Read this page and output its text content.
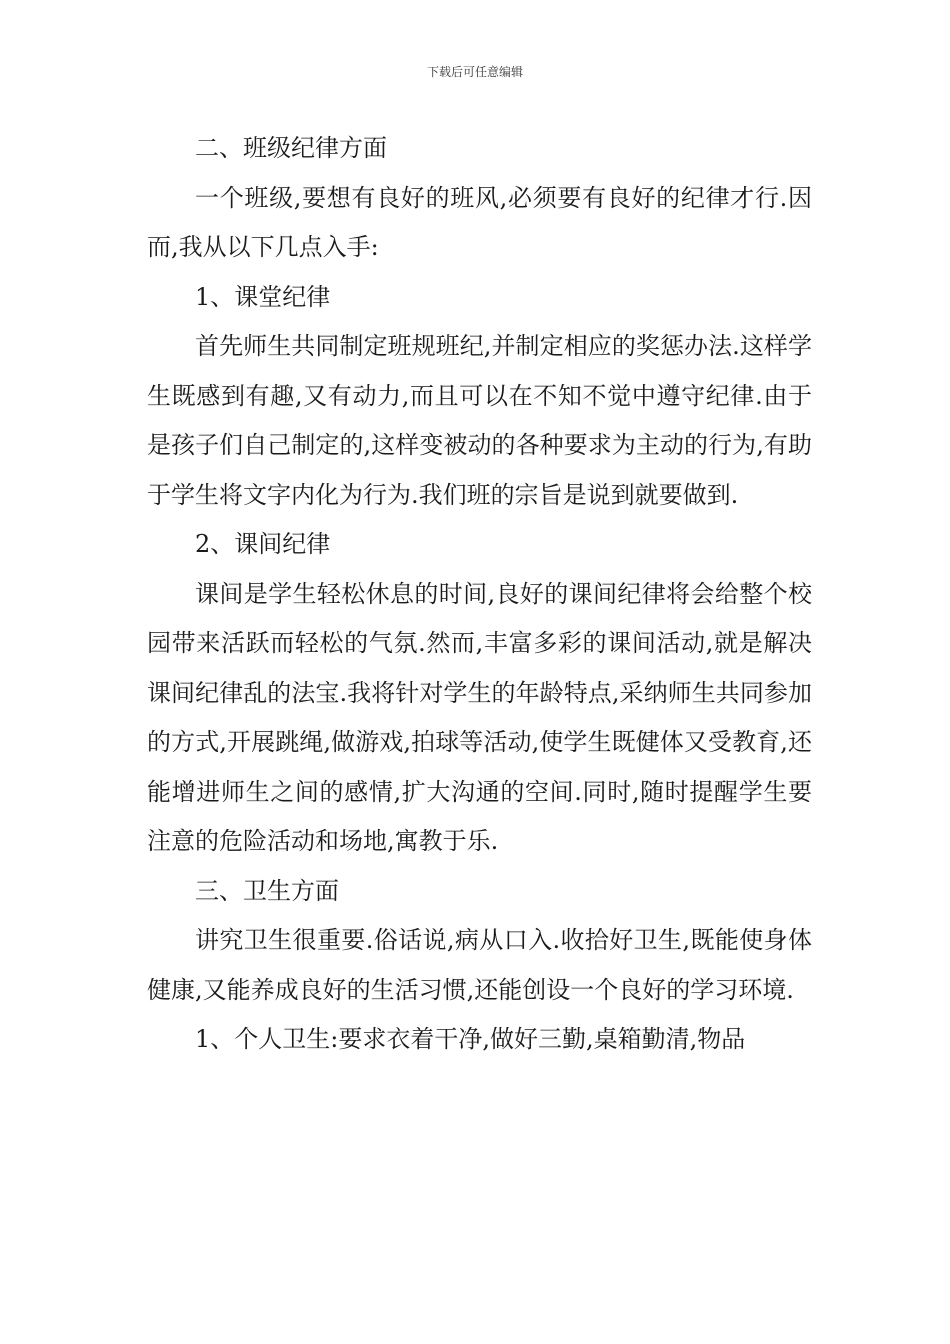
下载后可任意编辑

二、班级纪律方面

一个班级,要想有良好的班风,必须要有良好的纪律才行.因而,我从以下几点入手:

1、课堂纪律

首先师生共同制定班规班纪,并制定相应的奖惩办法.这样学生既感到有趣,又有动力,而且可以在不知不觉中遵守纪律.由于是孩子们自己制定的,这样变被动的各种要求为主动的行为,有助于学生将文字内化为行为.我们班的宗旨是说到就要做到.

2、课间纪律

课间是学生轻松休息的时间,良好的课间纪律将会给整个校园带来活跃而轻松的气氛.然而,丰富多彩的课间活动,就是解决课间纪律乱的法宝.我将针对学生的年龄特点,采纳师生共同参加的方式,开展跳绳,做游戏,拍球等活动,使学生既健体又受教育,还能增进师生之间的感情,扩大沟通的空间.同时,随时提醒学生要注意的危险活动和场地,寓教于乐.

三、卫生方面

讲究卫生很重要.俗话说,病从口入.收拾好卫生,既能使身体健康,又能养成良好的生活习惯,还能创设一个良好的学习环境.

1、个人卫生:要求衣着干净,做好三勤,桌箱勤清,物品
